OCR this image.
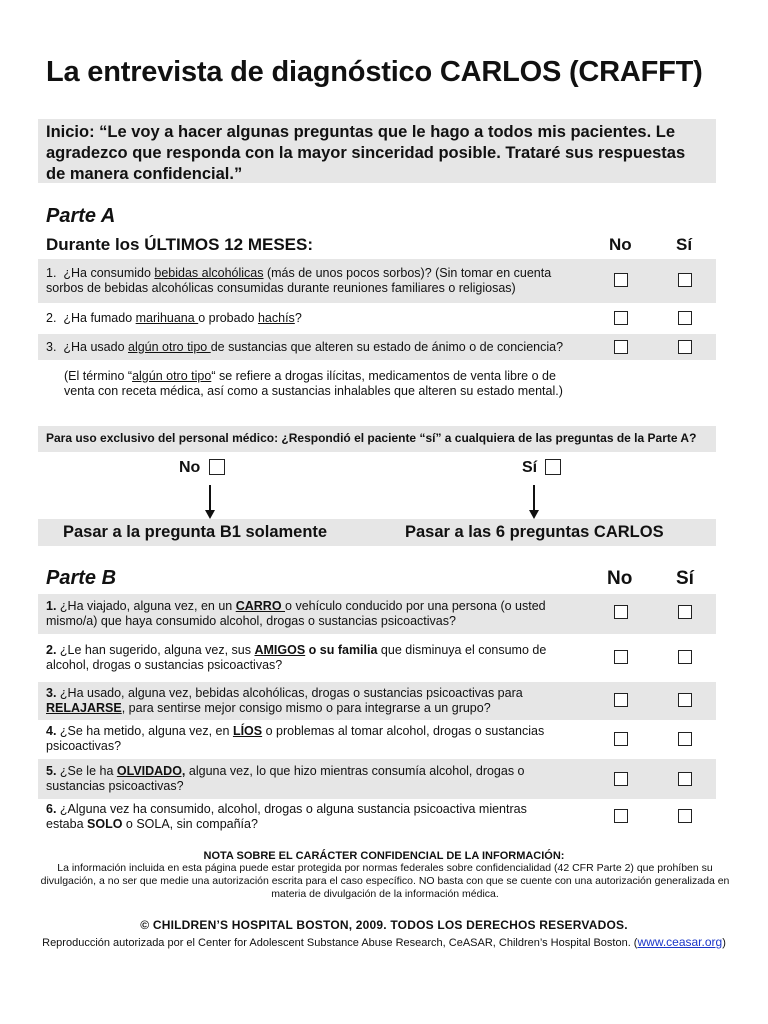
La entrevista de diagnóstico CARLOS (CRAFFT)
Inicio: “Le voy a hacer algunas preguntas que le hago a todos mis pacientes. Le agradezco que responda con la mayor sinceridad posible. Trataré sus respuestas de manera confidencial.”
Parte A
Durante los ÚLTIMOS 12 MESES:	No	Sí
1.  ¿Ha consumido bebidas alcohólicas (más de unos pocos sorbos)? (Sin tomar en cuenta sorbos de bebidas alcohólicas consumidas durante reuniones familiares o religiosas)
2.  ¿Ha fumado marihuana o probado hachís?
3.  ¿Ha usado algún otro tipo de sustancias que alteren su estado de ánimo o de conciencia?
(El término “algún otro tipo“ se refiere a drogas ilícitas, medicamentos de venta libre o de venta con receta médica, así como a sustancias inhalables que alteren su estado mental.)
Para uso exclusivo del personal médico: ¿Respondió el paciente “sí” a cualquiera de las preguntas de la Parte A?
No	Sí
Pasar a la pregunta B1 solamente	Pasar a las 6 preguntas CARLOS
Parte B	No Sí
1. ¿Ha viajado, alguna vez, en un CARRO o vehículo conducido por una persona (o usted mismo/a) que haya consumido alcohol, drogas o sustancias psicoactivas?
2. ¿Le han sugerido, alguna vez, sus AMIGOS o su familia que disminuya el consumo de alcohol, drogas o sustancias psicoactivas?
3. ¿Ha usado, alguna vez, bebidas alcohólicas, drogas o sustancias psicoactivas para RELAJARSE, para sentirse mejor consigo mismo o para integrarse a un grupo?
4. ¿Se ha metido, alguna vez, en LÍOS o problemas al tomar alcohol, drogas o sustancias psicoactivas?
5. ¿Se le ha OLVIDADO, alguna vez, lo que hizo mientras consumía alcohol, drogas o sustancias psicoactivas?
6. ¿Alguna vez ha consumido, alcohol, drogas o alguna sustancia psicoactiva mientras estaba SOLO o SOLA, sin compañía?
NOTA SOBRE EL CARÁCTER CONFIDENCIAL DE LA INFORMACIÓN:
La información incluida en esta página puede estar protegida por normas federales sobre confidencialidad (42 CFR Parte 2) que prohíben su divulgación, a no ser que medie una autorización escrita para el caso específico. NO basta con que se cuente con una autorización generalizada en materia de divulgación de la información médica.
© CHILDREN’S HOSPITAL BOSTON, 2009. TODOS LOS DERECHOS RESERVADOS.
Reproducción autorizada por el Center for Adolescent Substance Abuse Research, CeASAR, Children’s Hospital Boston. (www.ceasar.org)
